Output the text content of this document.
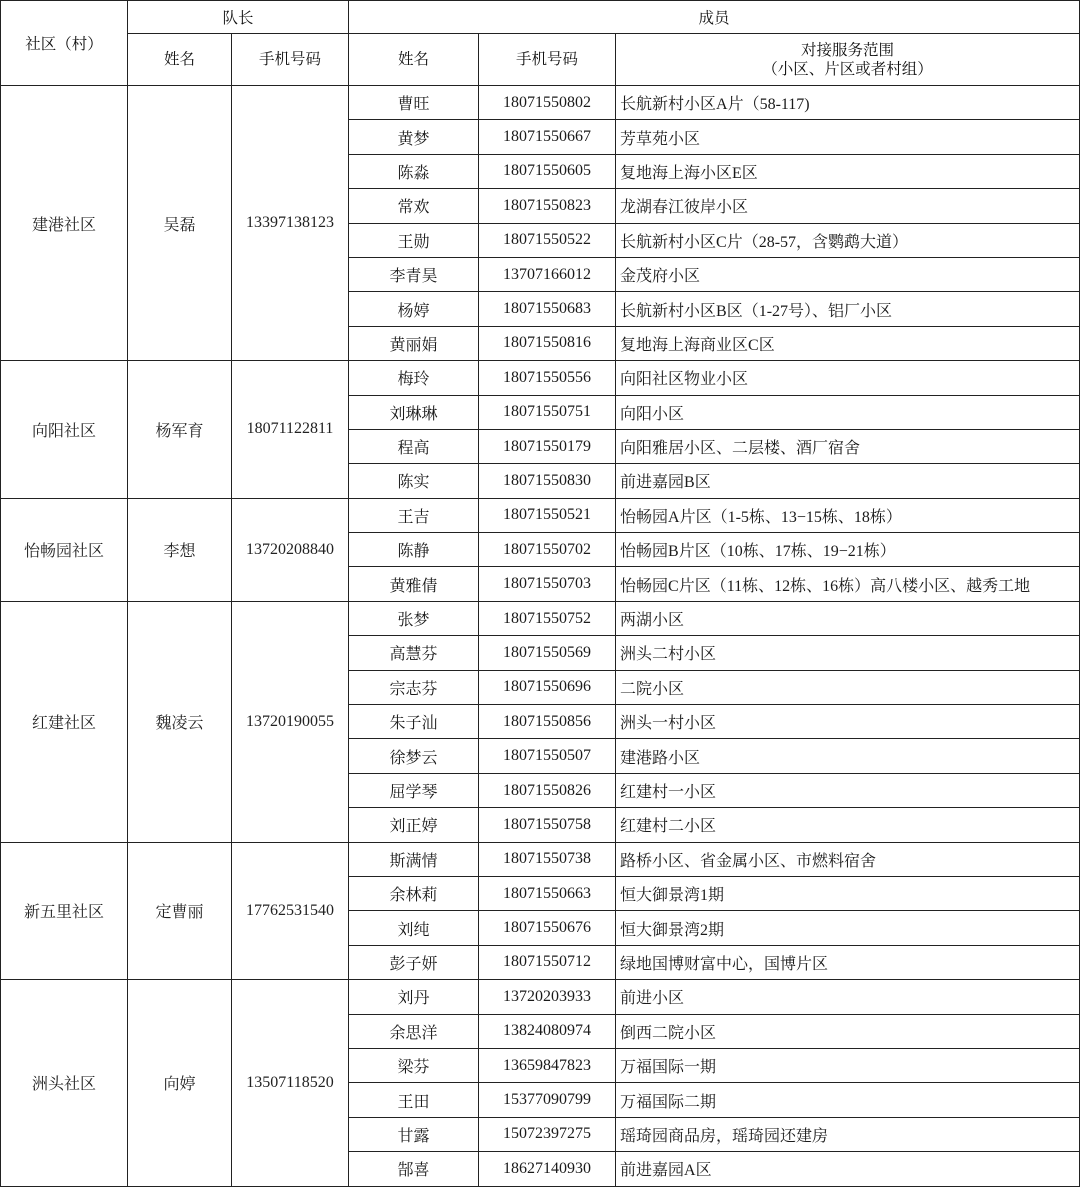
社区（村）	队长		成员		
	姓名	手机号码	姓名	手机号码	对接服务范围
（小区、片区或者村组）

建港社区	吴磊	13397138123	曹旺	18071550802	长航新村小区A片（58-117)
			黄梦	18071550667	芳草苑小区
			陈淼	18071550605	复地海上海小区E区
			常欢	18071550823	龙湖春江彼岸小区
			王勋	18071550522	长航新村小区C片（28-57，含鹦鹉大道）
			李青昊	13707166012	金茂府小区
			杨婷	18071550683	长航新村小区B区（1-27号）、铝厂小区
			黄丽娟	18071550816	复地海上海商业区C区
向阳社区	杨军育	18071122811	梅玲	18071550556	向阳社区物业小区
			刘琳琳	18071550751	向阳小区
			程高	18071550179	向阳雅居小区、二层楼、酒厂宿舍
			陈实	18071550830	前进嘉园B区
怡畅园社区	李想	13720208840	王吉	18071550521	怡畅园A片区（1-5栋、13−15栋、18栋）
			陈静	18071550702	怡畅园B片区（10栋、17栋、19−21栋）
			黄雅倩	18071550703	怡畅园C片区（11栋、12栋、16栋）高八楼小区、越秀工地
红建社区	魏凌云	13720190055	张梦	18071550752	两湖小区
			高慧芬	18071550569	洲头二村小区
			宗志芬	18071550696	二院小区
			朱子汕	18071550856	洲头一村小区
			徐梦云	18071550507	建港路小区
			屈学琴	18071550826	红建村一小区
			刘正婷	18071550758	红建村二小区
新五里社区	定曹丽	17762531540	斯满情	18071550738	路桥小区、省金属小区、市燃料宿舍
			余林莉	18071550663	恒大御景湾1期
			刘纯	18071550676	恒大御景湾2期
			彭子妍	18071550712	绿地国博财富中心，国博片区
洲头社区	向婷	13507118520	刘丹	13720203933	前进小区
			余思洋	13824080974	倒西二院小区
			梁芬	13659847823	万福国际一期
			王田	15377090799	万福国际二期
			甘露	15072397275	瑶琦园商品房，瑶琦园还建房
			郜喜	18627140930	前进嘉园A区
